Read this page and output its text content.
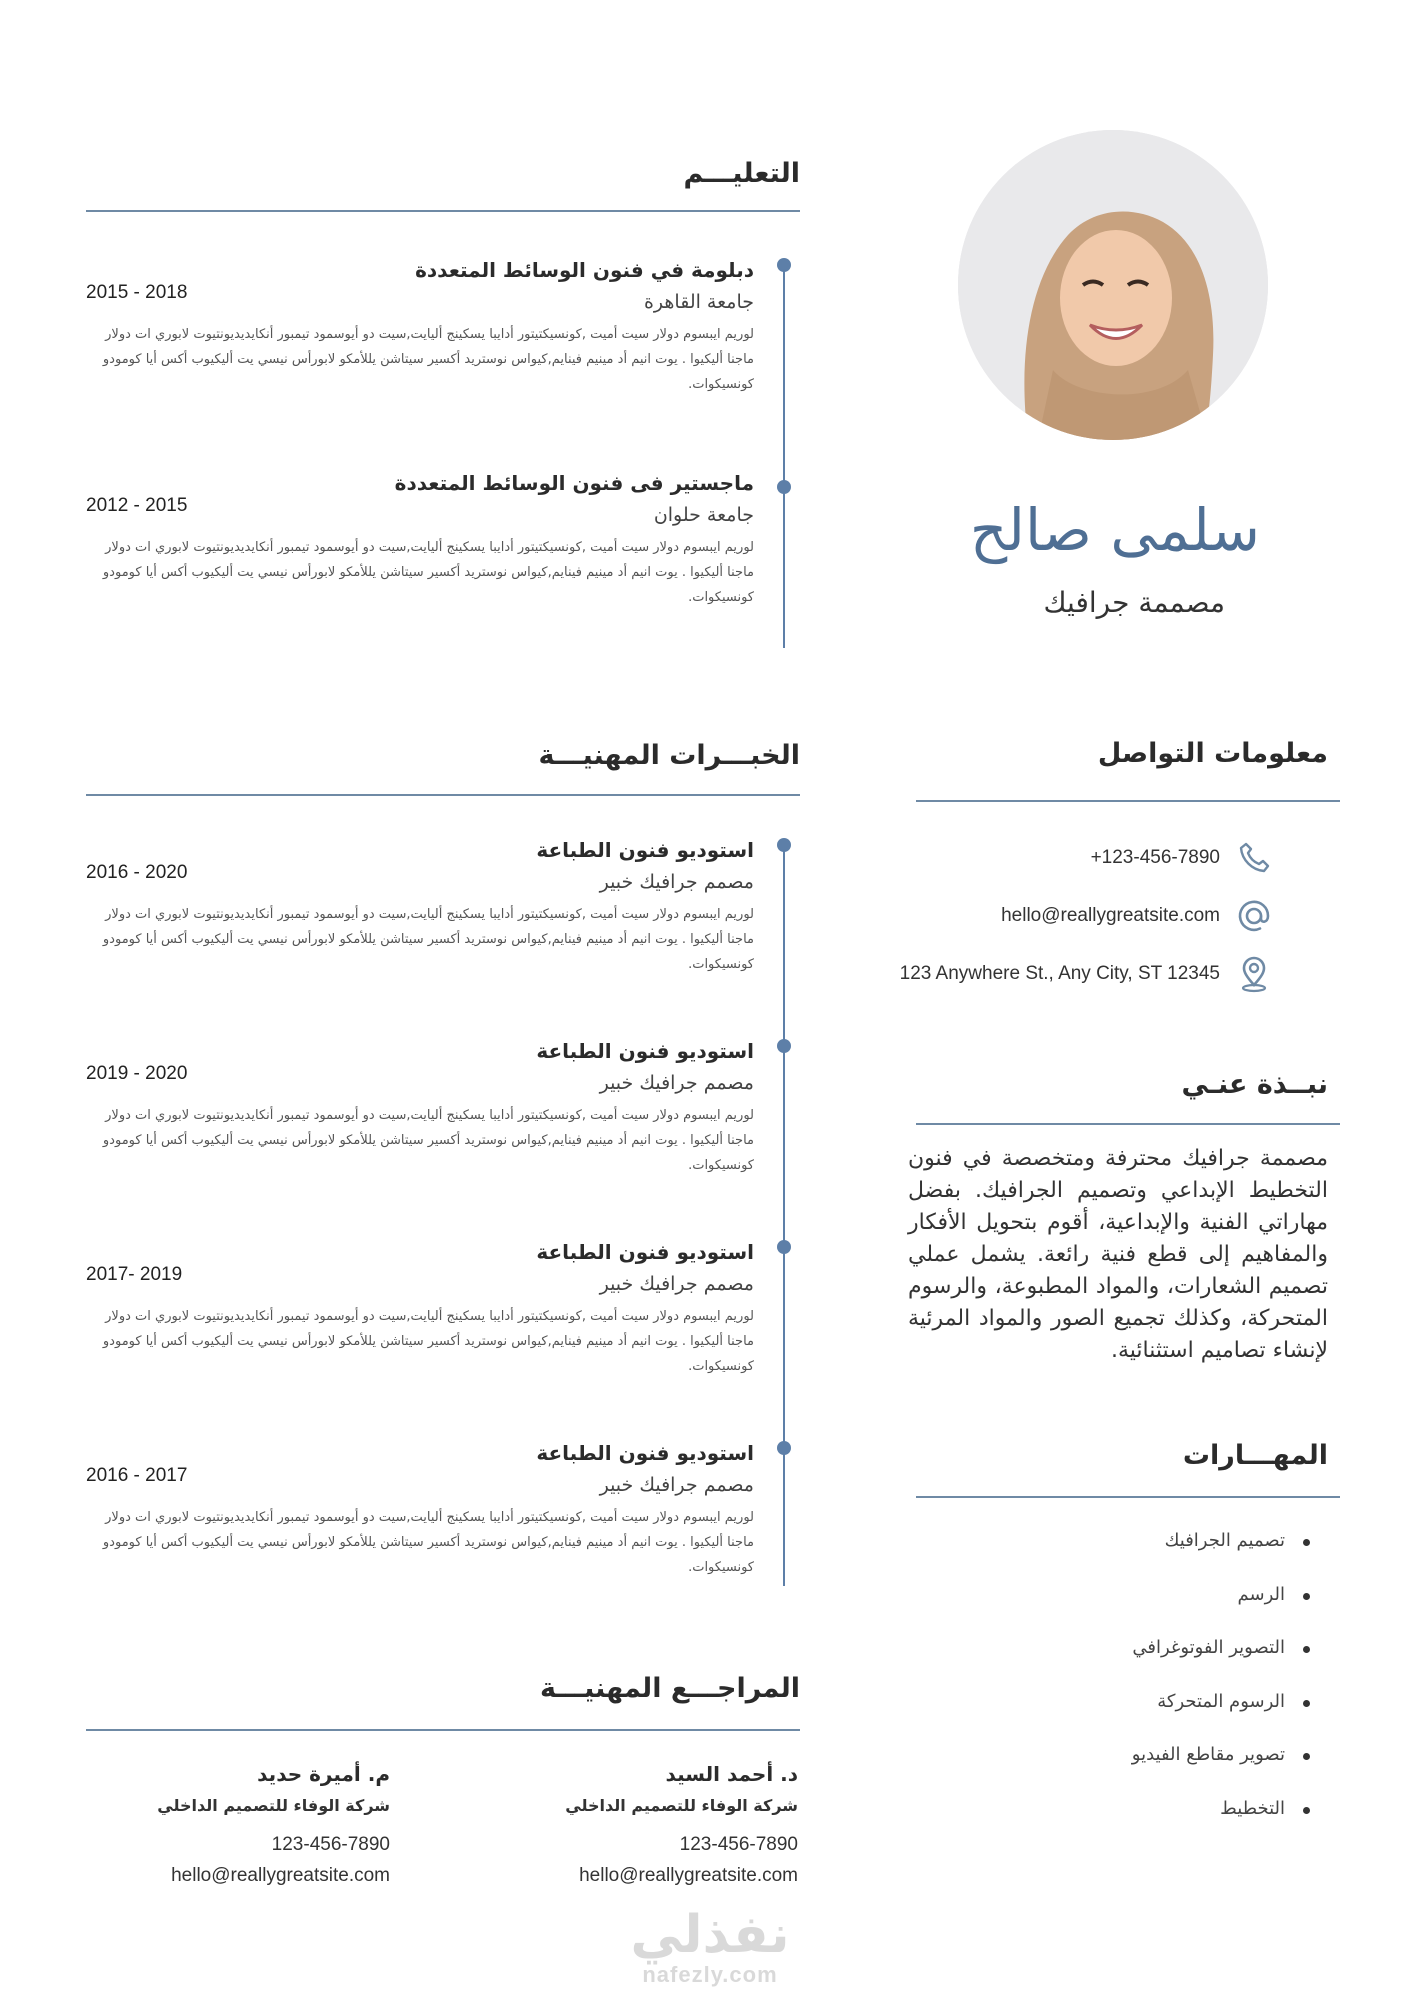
سلمى صالح
مصممة جرافيك
معلومات التواصل
+123-456-7890
hello@reallygreatsite.com
123 Anywhere St., Any City, ST 12345
نبــذة عنـي
مصممة جرافيك محترفة ومتخصصة في فنون التخطيط الإبداعي وتصميم الجرافيك. بفضل مهاراتي الفنية والإبداعية، أقوم بتحويل الأفكار والمفاهيم إلى قطع فنية رائعة. يشمل عملي تصميم الشعارات، والمواد المطبوعة، والرسوم المتحركة، وكذلك تجميع الصور والمواد المرئية لإنشاء تصاميم استثنائية.
المهـــارات
تصميم الجرافيك
الرسم
التصوير الفوتوغرافي
الرسوم المتحركة
تصوير مقاطع الفيديو
التخطيط
التعليـــم
دبلومة في فنون الوسائط المتعددة
جامعة القاهرة
2015 - 2018
لوريم ايبسوم دولار سيت أميت ,كونسيكتيتور أدايبا يسكينج أليايت,سيت دو أيوسمود تيمبور أنكايديديونتيوت لابوري ات دولار ماجنا أليكيوا . يوت انيم أد مينيم فينايم,كيواس نوستريد أكسير سيتاشن يللأمكو لابورأس نيسي يت أليكيوب أكس أيا كومودو كونسيكوات.
ماجستير فى فنون الوسائط المتعددة
جامعة حلوان
2012 - 2015
لوريم ايبسوم دولار سيت أميت ,كونسيكتيتور أدايبا يسكينج أليايت,سيت دو أيوسمود تيمبور أنكايديديونتيوت لابوري ات دولار ماجنا أليكيوا . يوت انيم أد مينيم فينايم,كيواس نوستريد أكسير سيتاشن يللأمكو لابورأس نيسي يت أليكيوب أكس أيا كومودو كونسيكوات.
الخبـــرات المهنيـــة
استوديو فنون الطباعة
مصمم جرافيك خبير
2016 - 2020
لوريم ايبسوم دولار سيت أميت ,كونسيكتيتور أدايبا يسكينج أليايت,سيت دو أيوسمود تيمبور أنكايديديونتيوت لابوري ات دولار ماجنا أليكيوا . يوت انيم أد مينيم فينايم,كيواس نوستريد أكسير سيتاشن يللأمكو لابورأس نيسي يت أليكيوب أكس أيا كومودو كونسيكوات.
استوديو فنون الطباعة
مصمم جرافيك خبير
2019 - 2020
لوريم ايبسوم دولار سيت أميت ,كونسيكتيتور أدايبا يسكينج أليايت,سيت دو أيوسمود تيمبور أنكايديديونتيوت لابوري ات دولار ماجنا أليكيوا . يوت انيم أد مينيم فينايم,كيواس نوستريد أكسير سيتاشن يللأمكو لابورأس نيسي يت أليكيوب أكس أيا كومودو كونسيكوات.
استوديو فنون الطباعة
مصمم جرافيك خبير
2017- 2019
لوريم ايبسوم دولار سيت أميت ,كونسيكتيتور أدايبا يسكينج أليايت,سيت دو أيوسمود تيمبور أنكايديديونتيوت لابوري ات دولار ماجنا أليكيوا . يوت انيم أد مينيم فينايم,كيواس نوستريد أكسير سيتاشن يللأمكو لابورأس نيسي يت أليكيوب أكس أيا كومودو كونسيكوات.
استوديو فنون الطباعة
مصمم جرافيك خبير
2016 - 2017
لوريم ايبسوم دولار سيت أميت ,كونسيكتيتور أدايبا يسكينج أليايت,سيت دو أيوسمود تيمبور أنكايديديونتيوت لابوري ات دولار ماجنا أليكيوا . يوت انيم أد مينيم فينايم,كيواس نوستريد أكسير سيتاشن يللأمكو لابورأس نيسي يت أليكيوب أكس أيا كومودو كونسيكوات.
المراجـــع المهنيـــة
د. أحمد السيد
شركة الوفاء للتصميم الداخلي
123-456-7890
hello@reallygreatsite.com
م. أميرة حديد
شركة الوفاء للتصميم الداخلي
123-456-7890
hello@reallygreatsite.com
نفذلي
nafezly.com
